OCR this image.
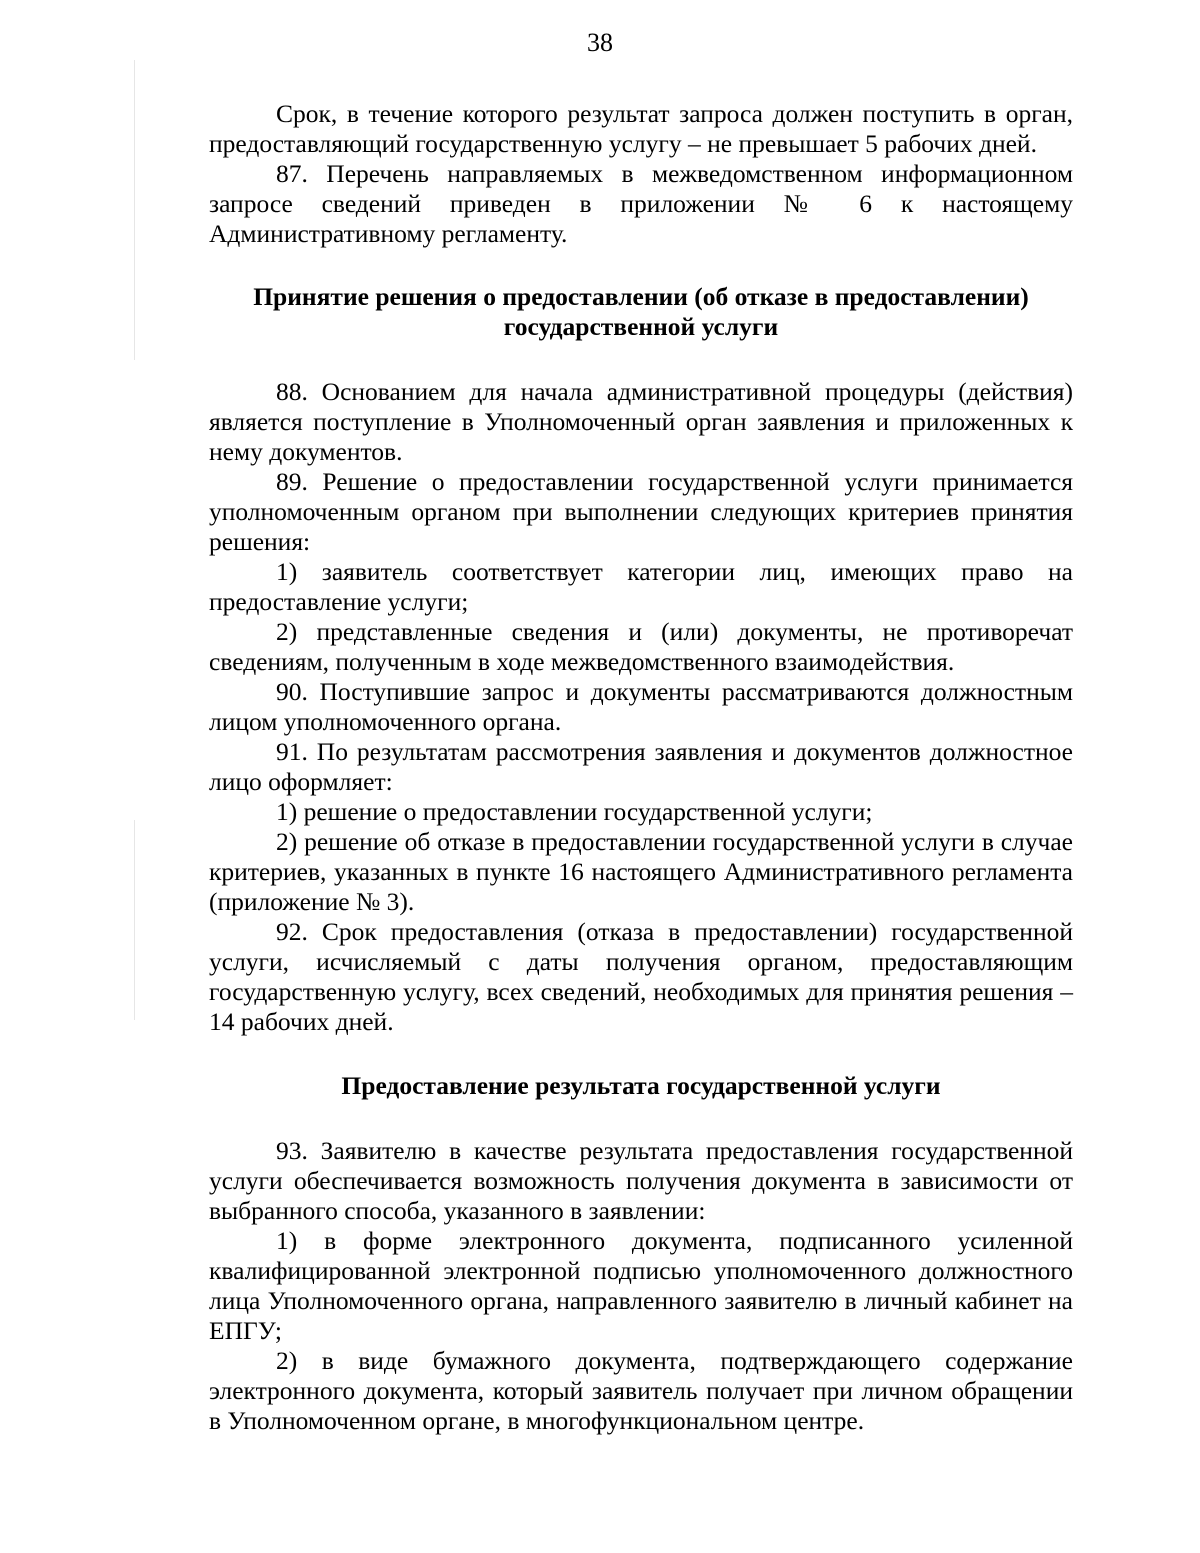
38

Срок, в течение которого результат запроса должен поступить в орган, предоставляющий государственную услугу – не превышает 5 рабочих дней.

87. Перечень направляемых в межведомственном информационном запросе сведений приведен в приложении № 6 к настоящему Административному регламенту.

Принятие решения о предоставлении (об отказе в предоставлении) государственной услуги

88. Основанием для начала административной процедуры (действия) является поступление в Уполномоченный орган заявления и приложенных к нему документов.

89. Решение о предоставлении государственной услуги принимается уполномоченным органом при выполнении следующих критериев принятия решения:

1) заявитель соответствует категории лиц, имеющих право на предоставление услуги;

2) представленные сведения и (или) документы, не противоречат сведениям, полученным в ходе межведомственного взаимодействия.

90. Поступившие запрос и документы рассматриваются должностным лицом уполномоченного органа.

91. По результатам рассмотрения заявления и документов должностное лицо оформляет:

1) решение о предоставлении государственной услуги;

2) решение об отказе в предоставлении государственной услуги в случае критериев, указанных в пункте 16 настоящего Административного регламента (приложение № 3).

92. Срок предоставления (отказа в предоставлении) государственной услуги, исчисляемый с даты получения органом, предоставляющим государственную услугу, всех сведений, необходимых для принятия решения – 14 рабочих дней.

Предоставление результата государственной услуги

93. Заявителю в качестве результата предоставления государственной услуги обеспечивается возможность получения документа в зависимости от выбранного способа, указанного в заявлении:

1) в форме электронного документа, подписанного усиленной квалифицированной электронной подписью уполномоченного должностного лица Уполномоченного органа, направленного заявителю в личный кабинет на ЕПГУ;

2) в виде бумажного документа, подтверждающего содержание электронного документа, который заявитель получает при личном обращении в Уполномоченном органе, в многофункциональном центре.
